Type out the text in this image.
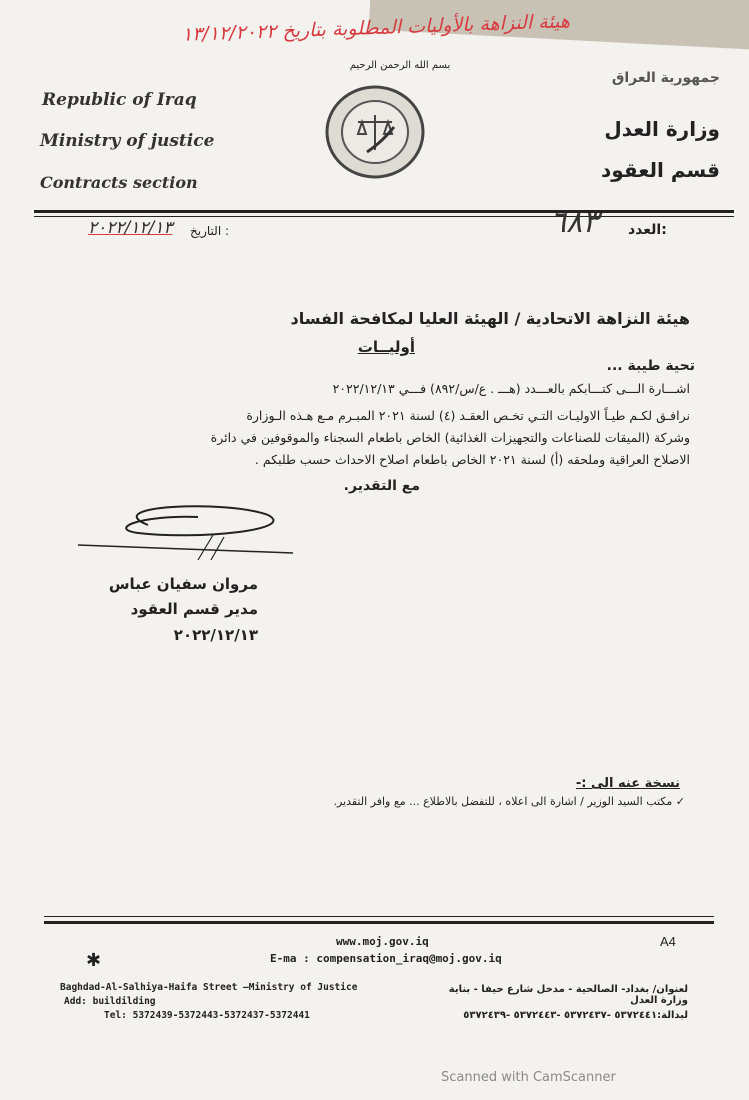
هيئة النزاهة بالأوليات المطلوبة بتاريخ ١٣/١٢/٢٠٢٢
بسم الله الرحمن الرحيم
Republic of Iraq
Ministry of justice
Contracts section
جمهورية العراق
وزارة العدل
قسم العقود
العدد:
٦٨٣
التاريخ :
٢٠٢٢/١٢/١٣
هيئة النزاهة الاتحادية / الهيئة العليا لمكافحة الفساد
أوليــات
تحية طيبة ...
اشـــارة الـــى كتـــابكم بالعـــدد (هـــ . ع/س/٨٩٢) فـــي ٢٠٢٢/١٢/١٣
نرافـق لكـم طيـاً الاوليـات التـي تخـص العقـد (٤) لسنة ٢٠٢١ المبـرم مـع هـذه الـوزارة
وشركة (الميقات للصناعات والتجهيزات الغذائية) الخاص باطعام السجناء والموقوفين في دائرة
الاصلاح العراقية وملحقه (أ) لسنة ٢٠٢١ الخاص باطعام اصلاح الاحداث حسب طلبكم .
مع التقدير.
مروان سفيان عباس
مدير قسم العقود
٢٠٢٢/١٢/١٣
نسخة عنه الى :-
✓ مكتب السيد الوزير / اشارة الى اعلاه ، للتفضل بالاطلاع ... مع وافر التقدير.
www.moj.gov.iq
E-ma : compensation_iraq@moj.gov.iq
A4
✱
Baghdad-Al-Salhiya-Haifa Street –Ministry of Justice
Add: buildilding
Tel: 5372439-5372443-5372437-5372441
لعنوان/ بغداد- الصالحية - مدخل شارع حيفا - بناية وزارة العدل
لبدالة:٥٣٧٢٤٤١ -٥٣٧٢٤٣٧ -٥٣٧٢٤٤٣ -٥٣٧٢٤٣٩
Scanned with CamScanner
